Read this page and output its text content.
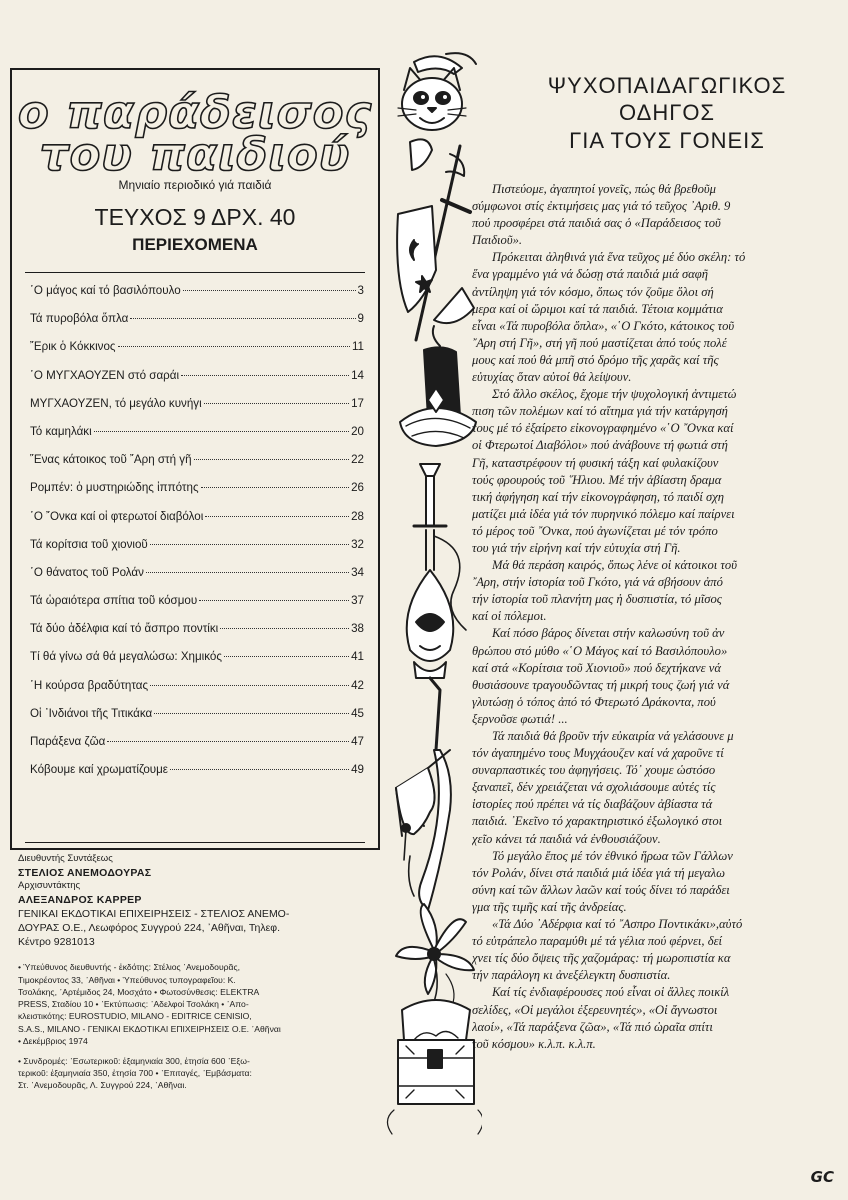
ο παράδεισος
του παιδιού
Μηνιαίο περιοδικό γιά παιδιά
ΤΕΥΧΟΣ 9 ΔΡΧ. 40
ΠΕΡΙΕΧΟΜΕΝΑ
῾Ο μάγος καί τό βασιλόπουλο	3
Τά πυροβόλα ὅπλα	9
῎Ερικ ὁ Κόκκινος	11
῾Ο ΜΥΓΧΑΟΥΖΕΝ στό σαράι	14
ΜΥΓΧΑΟΥΖΕΝ, τό μεγάλο κυνήγι	17
Τό καμηλάκι	20
῞Ενας κάτοικος τοῦ ῎Αρη στή γῆ	22
Ρομπέν: ὁ μυστηριώδης ἱππότης	26
῾Ο ῎Ονκα καί οἱ φτερωτοί διαβόλοι	28
Τά κορίτσια τοῦ χιονιοῦ	32
῾Ο θάνατος τοῦ Ρολάν	34
Τά ὡραιότερα σπίτια τοῦ κόσμου	37
Τά δύο ἀδέλφια καί τό ἄσπρο ποντίκι	38
Τί θά γίνω σά θά μεγαλώσω: Χημικός	41
῾Η κούρσα βραδύτητας	42
Οἱ ᾽Ινδιάνοι τῆς Τιτικάκα	45
Παράξενα ζῶα	47
Κόβουμε καί χρωματίζουμε	49
Διευθυντής Συντάξεως
ΣΤΕΛΙΟΣ ΑΝΕΜΟΔΟΥΡΑΣ
Αρχισυντάκτης
ΑΛΕΞΑΝΔΡΟΣ ΚΑΡΡΕΡ
ΓΕΝΙΚΑΙ ΕΚΔΟΤΙΚΑΙ ΕΠΙΧΕΙΡΗΣΕΙΣ - ΣΤΕΛΙΟΣ ΑΝΕΜΟ-
ΔΟΥΡΑΣ Ο.Ε., Λεωφόρος Συγγρού 224, ᾽Αθῆναι, Τηλεφ.
Κέντρο 9281013
• Ὑπεύθυνος διευθυντής - ἐκδότης: Στέλιος ᾽Ανεμοδουρᾶς,
Τιμοκρέοντος 33, ᾽Αθῆναι • Ὑπεύθυνος τυπογραφεῖου: Κ.
Τσολάκης, ᾽Αρτέμιδος 24, Μοσχάτο • Φωτοσύνθεσις: ELEKTRA
PRESS, Σταδίου 10 • ᾽Εκτύπωσις: ᾽Αδελφοί Τσολάκη • ᾽Απο-
κλειστικότης: EUROSTUDIO, MILANO - EDITRICE CENISIO,
S.A.S., MILANO - ΓΕΝΙΚΑΙ ΕΚΔΟΤΙΚΑΙ ΕΠΙΧΕΙΡΗΣΕΙΣ Ο.Ε. ᾽Αθῆναι
• Δεκέμβριος 1974
• Συνδρομές: ᾽Εσωτερικοῦ: ἑξαμηνιαία 300, ἐτησία 600 ᾽Εξω-
τερικοῦ: ἑξαμηνιαία 350, ἐτησία 700 • ᾽Επιταγές, ᾽Εμβάσματα:
Στ. ᾽Ανεμοδουρᾶς, Λ. Συγγρού 224, ᾽Αθῆναι.
ΨΥΧΟΠΑΙΔΑΓΩΓΙΚΟΣ
ΟΔΗΓΟΣ
ΓΙΑ ΤΟΥΣ ΓΟΝΕΙΣ

Πιστεύομε, ἀγαπητοί γονεῖς, πώς θά βρεθοῦμ

σύμφωνοι στίς ἐκτιμήσεις μας γιά τό τεῦχος ᾽Αριθ. 9

πού προσφέρει στά παιδιά σας ὁ «Παράδεισος τοῦ

Παιδιοῦ».

Πρόκειται ἀληθινά γιά ἕνα τεῦχος μέ δύο σκέλη: τό

ἕνα γραμμένο γιά νά δώσῃ στά παιδιά μιά σαφῆ

ἀντίληψη γιά τόν κόσμο, ὅπως τόν ζοῦμε ὅλοι σή

μερα καί οἱ ὥριμοι καί τά παιδιά. Τέτοια κομμάτια

εἶναι «Τά πυροβόλα ὅπλα», «῾Ο Γκότο, κάτοικος τοῦ

῎Αρη στή Γῆ», στή γῆ πού μαστίζεται ἀπό τούς πολέ

μους καί πού θά μπῆ στό δρόμο τῆς χαρᾶς καί τῆς

εὐτυχίας ὅταν αὐτοί θά λείψουν.

Στό ἄλλο σκέλος, ἔχομε τήν ψυχολογική ἀντιμετώ

πιση τῶν πολέμων καί τό αἴτημα γιά τήν κατάργησή

τους μέ τό ἐξαίρετο εἰκονογραφημένο «῾Ο ῎Ονκα καί

οἱ Φτερωτοί Διαβόλοι» πού ἀνάβουνε τή φωτιά στή

Γῆ, καταστρέφουν τή φυσική τάξη καί φυλακίζουν

τούς φρουρούς τοῦ ῞Ηλιου. Μέ τήν ἀβίαστη δραμα

τική ἀφήγηση καί τήν εἰκονογράφηση, τό παιδί σχη

ματίζει μιά ἰδέα γιά τόν πυρηνικό πόλεμο καί παίρνει

τό μέρος τοῦ ῎Ονκα, πού ἀγωνίζεται μέ τόν τρόπο

του γιά τήν εἰρήνη καί τήν εὐτυχία στή Γῆ.

Μά θά περάση καιρός, ὅπως λένε οἱ κάτοικοι τοῦ

῎Αρη, στήν ἱστορία τοῦ Γκότο, γιά νά σβήσουν ἀπό

τήν ἱστορία τοῦ πλανήτη μας ἡ δυσπιστία, τό μῖσος

καί οἱ πόλεμοι.

Καί πόσο βάρος δίνεται στήν καλωσύνη τοῦ ἀν

θρώπου στό μύθο «῾Ο Μάγος καί τό Βασιλόπουλο»

καί στά «Κορίτσια τοῦ Χιονιοῦ» πού δεχτήκανε νά

θυσιάσουνε τραγουδῶντας τή μικρή τους ζωή γιά νά

γλυτώσῃ ὁ τόπος ἀπό τό Φτερωτό Δράκοντα, πού

ξερνοῦσε φωτιά! ...

Τά παιδιά θά βροῦν τήν εὐκαιρία νά γελάσουνε μ

τόν ἀγαπημένο τους Μυγχάουζεν καί νά χαροῦνε τί

συναρπαστικές του ἀφηγήσεις. Τό᾽ χουμε ὡστόσο

ξαναπεῖ, δέν χρειάζεται νά σχολιάσουμε αὐτές τίς

ἱστορίες πού πρέπει νά τίς διαβάζουν ἀβίαστα τά

παιδιά. ᾽Εκεῖνο τό χαρακτηριστικό ἐξωλογικό στοι

χεῖο κάνει τά παιδιά νά ἐνθουσιάζουν.

Τό μεγάλο ἔπος μέ τόν ἐθνικό ἥρωα τῶν Γάλλων

τόν Ρολάν, δίνει στά παιδιά μιά ἰδέα γιά τή μεγαλω

σύνη καί τῶν ἄλλων λαῶν καί τούς δίνει τό παράδει

γμα τῆς τιμῆς καί τῆς ἀνδρείας.

«Τά Δύο ᾽Αδέρφια καί τό ῎Ασπρο Ποντικάκι»,αὐτό

τό εὐτράπελο παραμύθι μέ τά γέλια πού φέρνει, δεί

χνει τίς δύο ὄψεις τῆς χαζομάρας: τή μωροπιστία κα

τήν παράλογη κι ἀνεξέλεγκτη δυσπιστία.

Καί τίς ἐνδιαφέρουσες πού εἶναι οἱ ἄλλες ποικίλ

σελίδες, «Οἱ μεγάλοι ἐξερευνητές», «Οἱ ἄγνωστοι

λαοί», «Τά παράξενα ζῶα», «Τά πιό ὡραῖα σπίτι

τοῦ κόσμου» κ.λ.π. κ.λ.π.

GC
